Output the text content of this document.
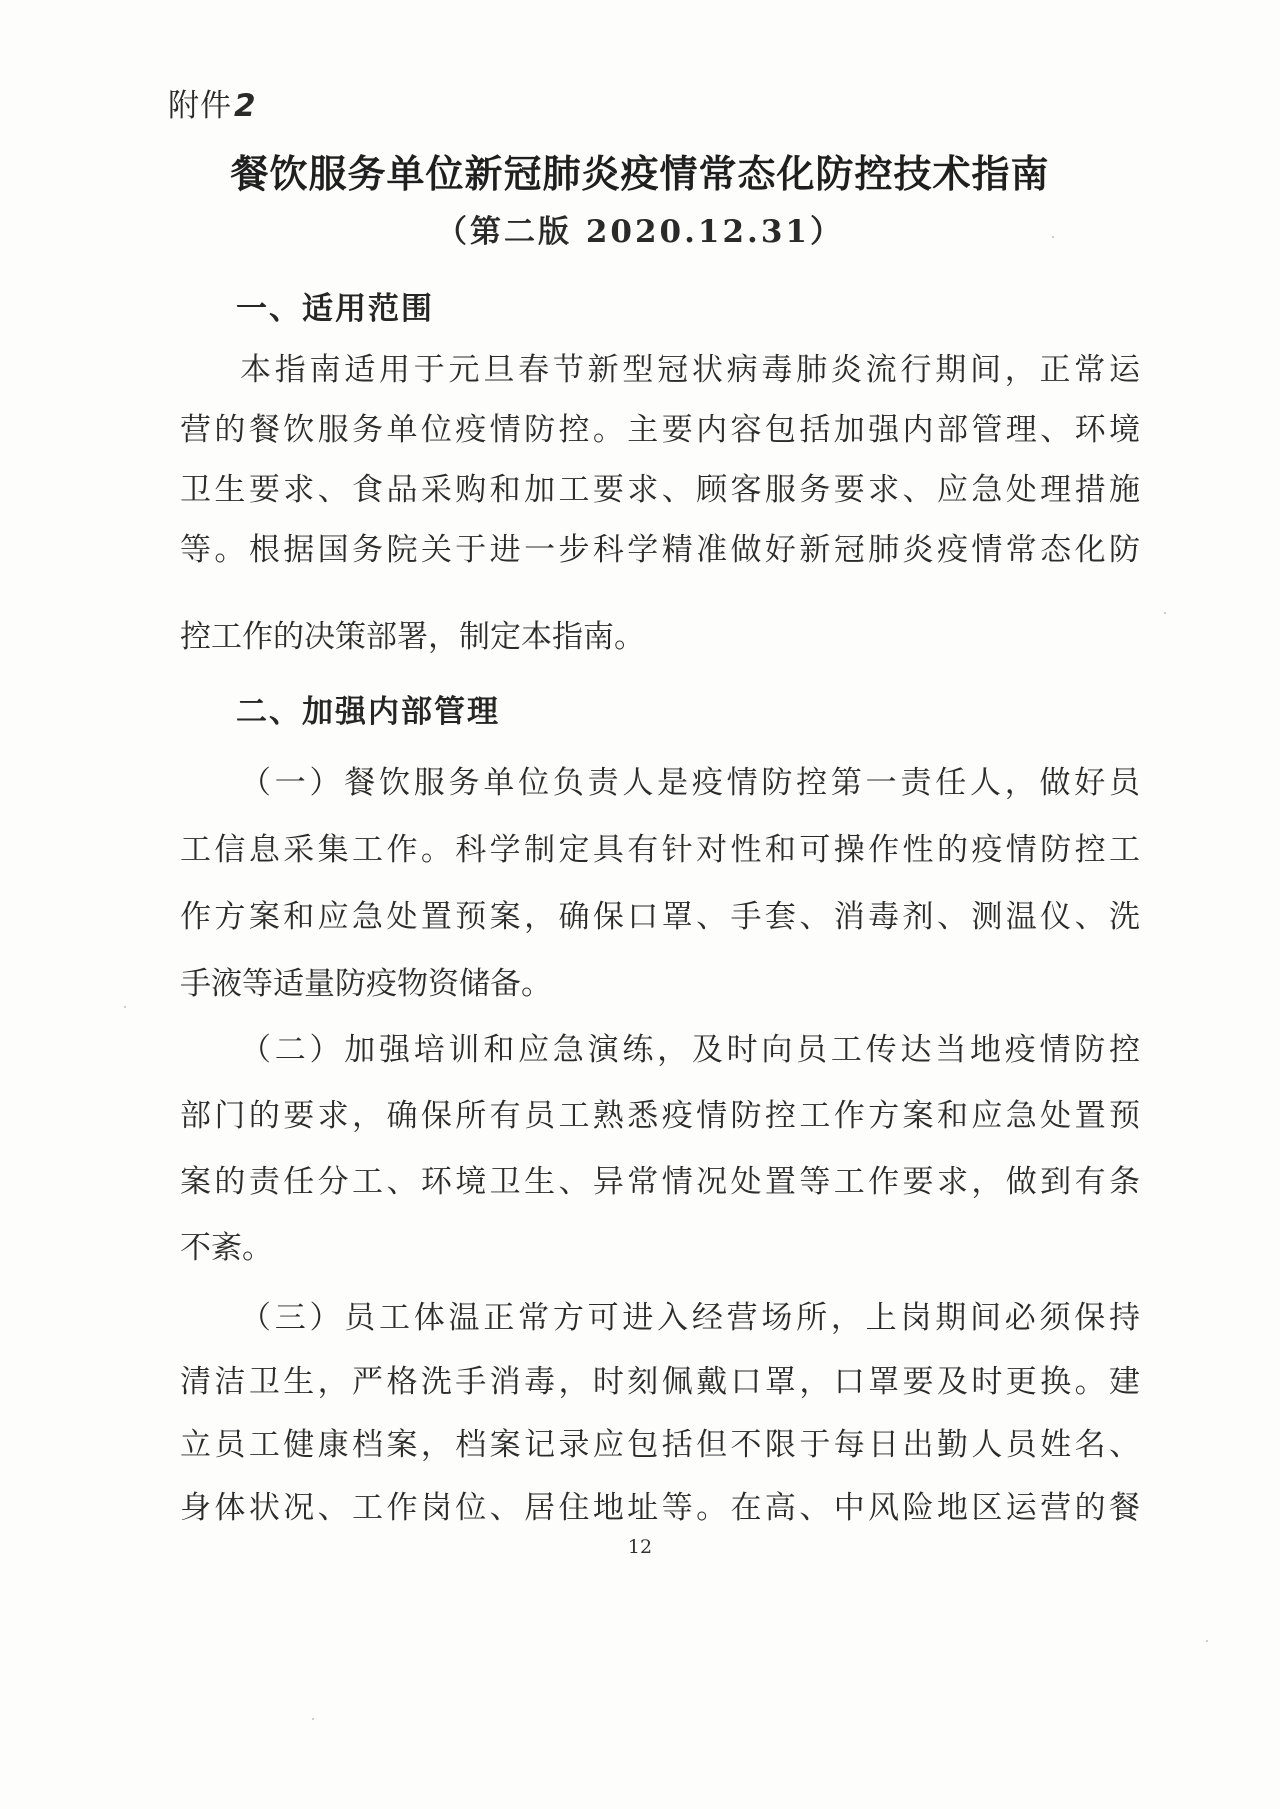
附件2
餐饮服务单位新冠肺炎疫情常态化防控技术指南
（第二版 2020.12.31）
一、适用范围
本指南适用于元旦春节新型冠状病毒肺炎流行期间，正常运
营的餐饮服务单位疫情防控。主要内容包括加强内部管理、环境
卫生要求、食品采购和加工要求、顾客服务要求、应急处理措施
等。根据国务院关于进一步科学精准做好新冠肺炎疫情常态化防
控工作的决策部署，制定本指南。
二、加强内部管理
（一）餐饮服务单位负责人是疫情防控第一责任人，做好员
工信息采集工作。科学制定具有针对性和可操作性的疫情防控工
作方案和应急处置预案，确保口罩、手套、消毒剂、测温仪、洗
手液等适量防疫物资储备。
（二）加强培训和应急演练，及时向员工传达当地疫情防控
部门的要求，确保所有员工熟悉疫情防控工作方案和应急处置预
案的责任分工、环境卫生、异常情况处置等工作要求，做到有条
不紊。
（三）员工体温正常方可进入经营场所，上岗期间必须保持
清洁卫生，严格洗手消毒，时刻佩戴口罩，口罩要及时更换。建
立员工健康档案，档案记录应包括但不限于每日出勤人员姓名、
身体状况、工作岗位、居住地址等。在高、中风险地区运营的餐
12
